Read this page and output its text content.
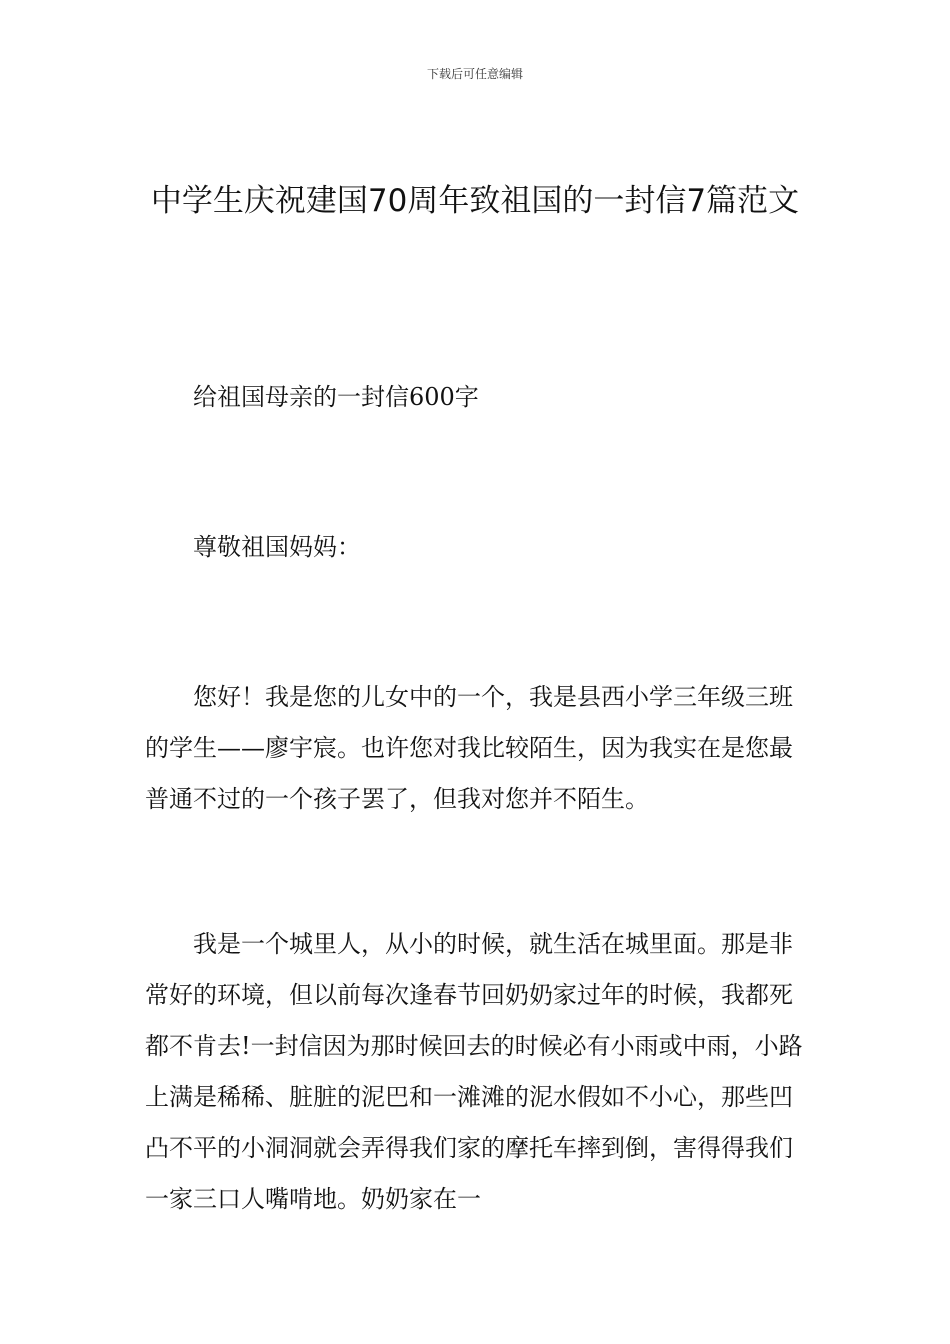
下载后可任意编辑
中学生庆祝建国70周年致祖国的一封信7篇范文
给祖国母亲的一封信600字
尊敬祖国妈妈：

您好！我是您的儿女中的一个，我是县西小学三年级三班的学生——廖宇宸。也许您对我比较陌生，因为我实在是您最普通不过的一个孩子罢了，但我对您并不陌生。

我是一个城里人，从小的时候，就生活在城里面。那是非常好的环境，但以前每次逢春节回奶奶家过年的时候，我都死都不肯去!一封信因为那时候回去的时候必有小雨或中雨，小路上满是稀稀、脏脏的泥巴和一滩滩的泥水假如不小心，那些凹凸不平的小洞洞就会弄得我们家的摩托车摔到倒，害得得我们一家三口人嘴啃地。奶奶家在一
